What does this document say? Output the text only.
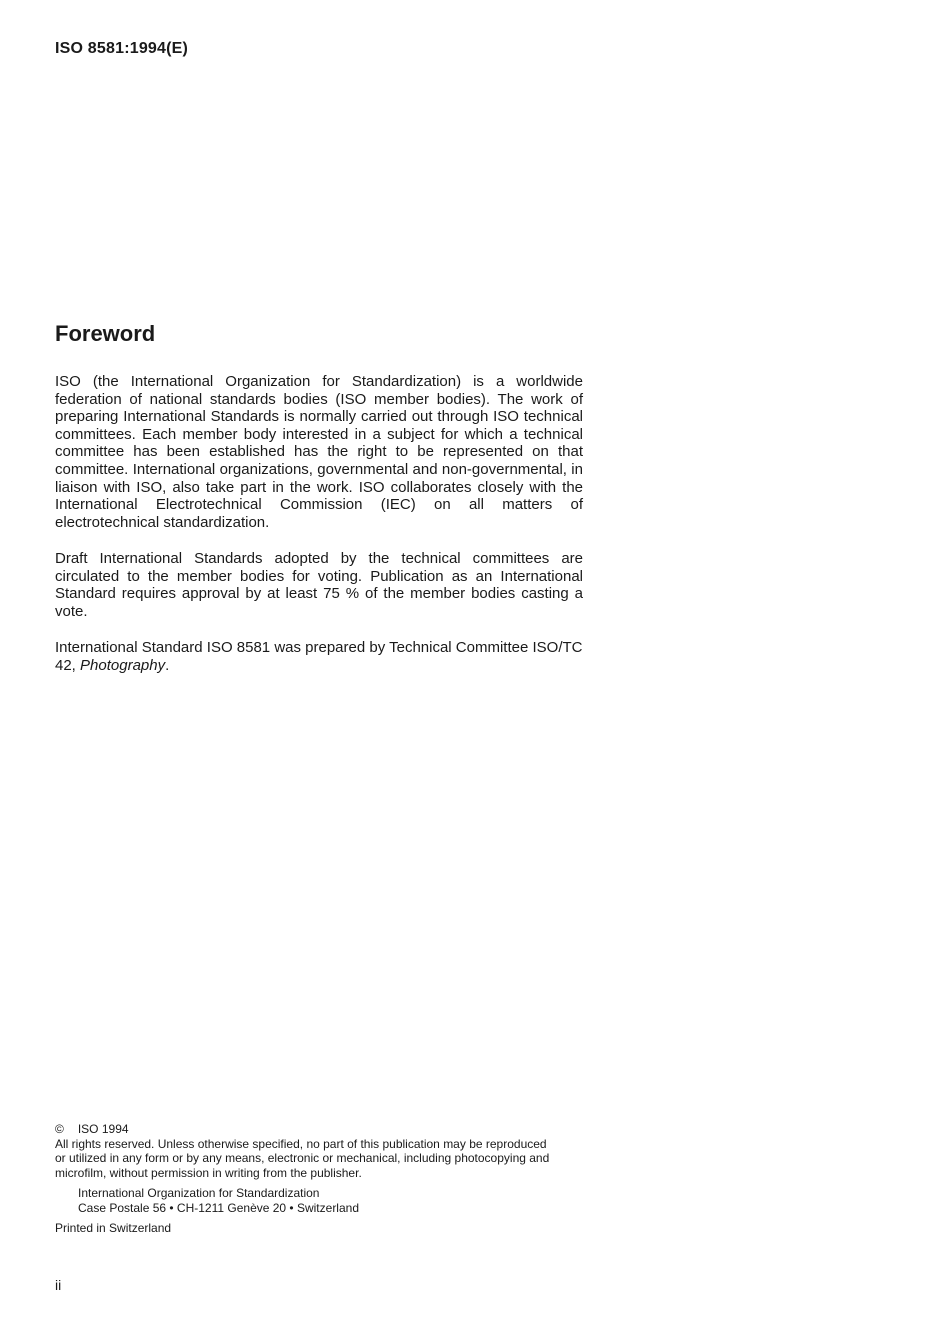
ISO 8581:1994(E)
Foreword

ISO (the International Organization for Standardization) is a worldwide federation of national standards bodies (ISO member bodies). The work of preparing International Standards is normally carried out through ISO technical committees. Each member body interested in a subject for which a technical committee has been established has the right to be represented on that committee. International organizations, governmental and non-governmental, in liaison with ISO, also take part in the work. ISO collaborates closely with the International Electrotechnical Commission (IEC) on all matters of electrotechnical standardization.

Draft International Standards adopted by the technical committees are circulated to the member bodies for voting. Publication as an International Standard requires approval by at least 75 % of the member bodies casting a vote.

International Standard ISO 8581 was prepared by Technical Committee ISO/TC 42, Photography.

© ISO 1994
All rights reserved. Unless otherwise specified, no part of this publication may be reproduced
or utilized in any form or by any means, electronic or mechanical, including photocopying and
microfilm, without permission in writing from the publisher.
International Organization for Standardization
Case Postale 56 • CH-1211 Genève 20 • Switzerland
Printed in Switzerland
ii
